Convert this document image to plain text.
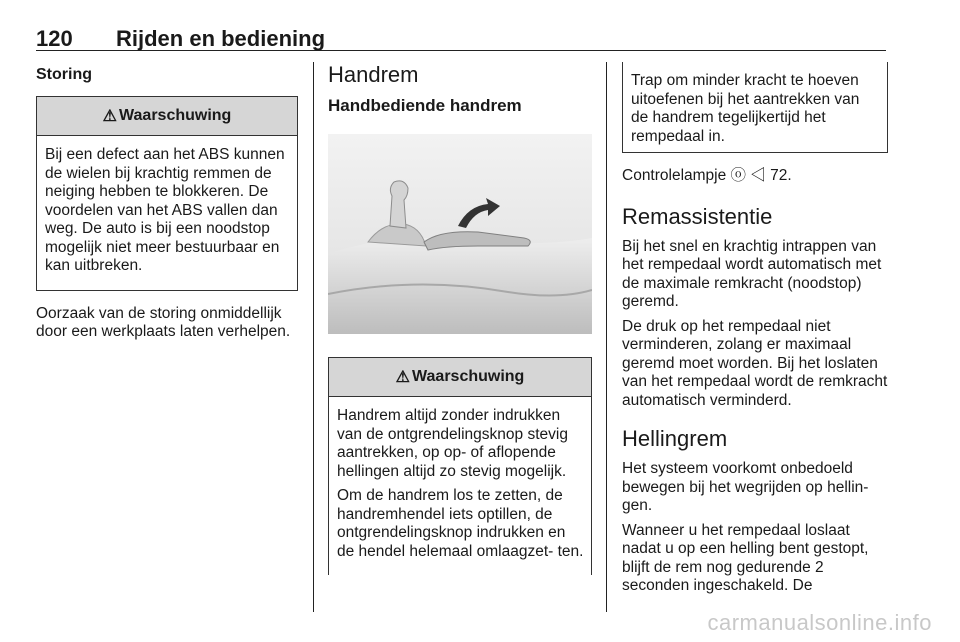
120 Rijden en bediening
Storing
⚠ Waarschuwing

Bij een defect aan het ABS kunnen de wielen bij krachtig remmen de neiging hebben te blokkeren. De voordelen van het ABS vallen dan weg. De auto is bij een noodstop mogelijk niet meer bestuurbaar en kan uitbreken.

Oorzaak van de storing onmiddellijk door een werkplaats laten verhelpen.

Handrem
Handbediende handrem
⚠ Waarschuwing

Handrem altijd zonder indrukken van de ontgrendelingsknop stevig aantrekken, op op- of aflopende hellingen altijd zo stevig mogelijk.

Om de handrem los te zetten, de handremhendel iets optillen, de ontgrendelingsknop indrukken en de hendel helemaal omlaagzet- ten.

Trap om minder kracht te hoeven uitoefenen bij het aantrekken van de handrem tegelijkertijd het rempedaal in.

Controlelampje ⓞ ◁ 72.

Remassistentie

Bij het snel en krachtig intrappen van het rempedaal wordt automatisch met de maximale remkracht (noodstop) geremd.

De druk op het rempedaal niet verminderen, zolang er maximaal geremd moet worden. Bij het loslaten van het rempedaal wordt de remkracht automatisch verminderd.

Hellingrem

Het systeem voorkomt onbedoeld bewegen bij het wegrijden op hellin- gen.

Wanneer u het rempedaal loslaat nadat u op een helling bent gestopt, blijft de rem nog gedurende 2 seconden ingeschakeld. De

carmanualsonline.info
